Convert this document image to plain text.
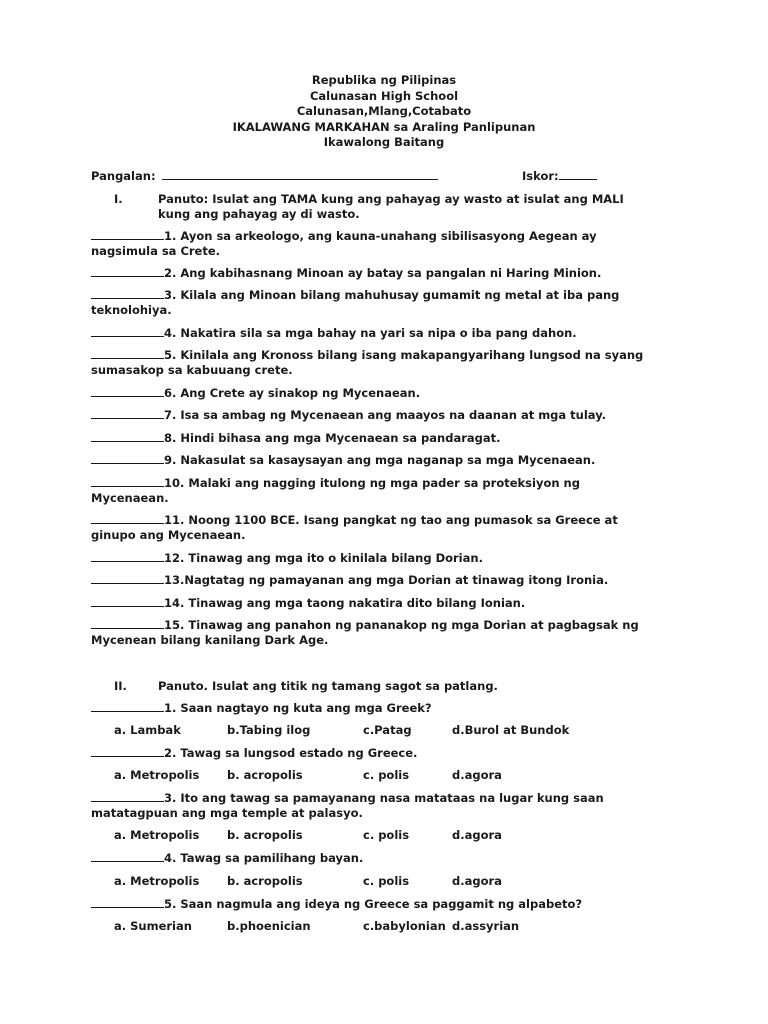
Republika ng Pilipinas
Calunasan High School
Calunasan,Mlang,Cotabato
IKALAWANG MARKAHAN sa Araling Panlipunan
Ikawalong Baitang
Pangalan:	Iskor:
I.	Panuto: Isulat ang TAMA kung ang pahayag ay wasto at isulat ang MALI
kung ang pahayag ay di wasto.
1. Ayon sa arkeologo, ang kauna-unahang sibilisasyong Aegean ay
nagsimula sa Crete.
2. Ang kabihasnang Minoan ay batay sa pangalan ni Haring Minion.
3. Kilala ang Minoan bilang mahuhusay gumamit ng metal at iba pang
teknolohiya.
4. Nakatira sila sa mga bahay na yari sa nipa o iba pang dahon.
5. Kinilala ang Kronoss bilang isang makapangyarihang lungsod na syang
sumasakop sa kabuuang crete.
6. Ang Crete ay sinakop ng Mycenaean.
7. Isa sa ambag ng Mycenaean ang maayos na daanan at mga tulay.
8. Hindi bihasa ang mga Mycenaean sa pandaragat.
9. Nakasulat sa kasaysayan ang mga naganap sa mga Mycenaean.
10. Malaki ang nagging itulong ng mga pader sa proteksiyon ng
Mycenaean.
11. Noong 1100 BCE. Isang pangkat ng tao ang pumasok sa Greece at
ginupo ang Mycenaean.
12. Tinawag ang mga ito o kinilala bilang Dorian.
13.Nagtatag ng pamayanan ang mga Dorian at tinawag itong Ironia.
14. Tinawag ang mga taong nakatira dito bilang Ionian.
15. Tinawag ang panahon ng pananakop ng mga Dorian at pagbagsak ng
Mycenean bilang kanilang Dark Age.
II.	Panuto. Isulat ang titik ng tamang sagot sa patlang.
1. Saan nagtayo ng kuta ang mga Greek?
a. Lambak	b.Tabing ilog	c.Patag	d.Burol at Bundok
2. Tawag sa lungsod estado ng Greece.
a. Metropolis b. acropolis	c. polis	d.agora
3. Ito ang tawag sa pamayanang nasa matataas na lugar kung saan
matatagpuan ang mga temple at palasyo.
a. Metropolis b. acropolis	c. polis	d.agora
4. Tawag sa pamilihang bayan.
a. Metropolis b. acropolis	c. polis	d.agora
5. Saan nagmula ang ideya ng Greece sa paggamit ng alpabeto?
a. Sumerian	b.phoenician	c.babylonian d.assyrian
